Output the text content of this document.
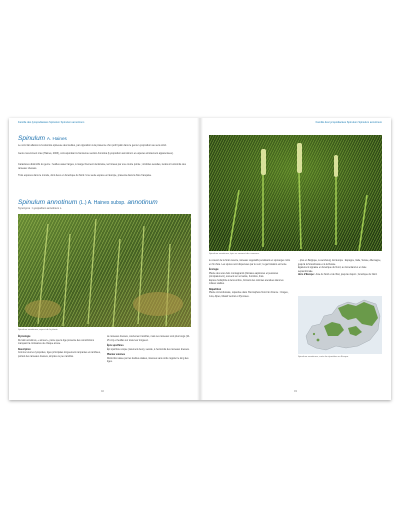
Famille des lycopodiacées Spinulum Spinulum annotinum
Spinulum A. Haines
Le nom fait allusion à l'extrémité épineuse des feuilles, par opposition à la présence d'un poil hyalin dans le genre Lycopodium au sens strict.
Genre récemment créé (Haines, 2003), correspondant à l'ancienne section Annotina (Lycopodium annotinum et espèces étroitement apparentées).
Caractères distinctifs du genre : feuilles assez larges, à marge finement denticulée, terminées par une courte pointe ; strobiles sessiles, isolés à l'extrémité des rameaux dressés.
Trois espèces dans le monde, dont deux en Amérique du Nord. Une seule espèce en Europe, présente dans la flore française.
Spinulum annotinum (L.) A. Haines subsp. annotinum
Synonyme : Lycopodium annotinum L.
Spinulum annotinum, aspect de la plante.
Étymologie
Du latin annotinus, « annuel », parce que la tige présente des constrictions marquant la croissance de chaque année.
Description
Comme tous les lycopodes, tiges principales longuement rampantes et ramifiées, portant des rameaux dressés, simples ou peu ramifiés.
de rameaux dressés, courtement ramifiés, mais ces rameaux sont plus longs (10-25 cm) et feuillés sur toute leur longueur.
Épis sporifères
Épi sporifère unique (rarement deux), sessile, à l'extrémité des rameaux dressés.
Plantes voisines
Distinction aisée par les feuilles étalées, insérées sans ordre régulier le long des tiges.
92
Famille des lycopodiacées Spinulum Spinulum annotinum
Spinulum annotinum, épis au sommet des rameaux.
le couvert de la forêt ouverte, rameaux végétatifs persistants et sporanges mûrs en fin d'été. Les spores sont dispersées par le vent ; la germination est lente.
Écologie
Plante des sous-bois montagnards (hêtraies-sapinières et pessières principalement), souvent sur sol acide, humifère, frais.
Espèce héliophile à demi-ombre, formant des colonies étendues dans les milieux stables.
Répartition
Plante circumboréale, répandue dans l'hémisphère Nord. En France : Vosges, Jura, Alpes, Massif central et Pyrénées.
...plus en Belgique, Luxembourg. En Europe : Espagne, Italie, Suisse, Allemagne, jusqu'à la Scandinavie et à la Russie.
Également signalée en Amérique du Nord, au Groenland et en Asie septentrionale.
Hors d'Europe : Asie du Nord et de l'Est, jusqu'au Japon ; Amérique du Nord.
Spinulum annotinum, carte de répartition en Europe.
93
